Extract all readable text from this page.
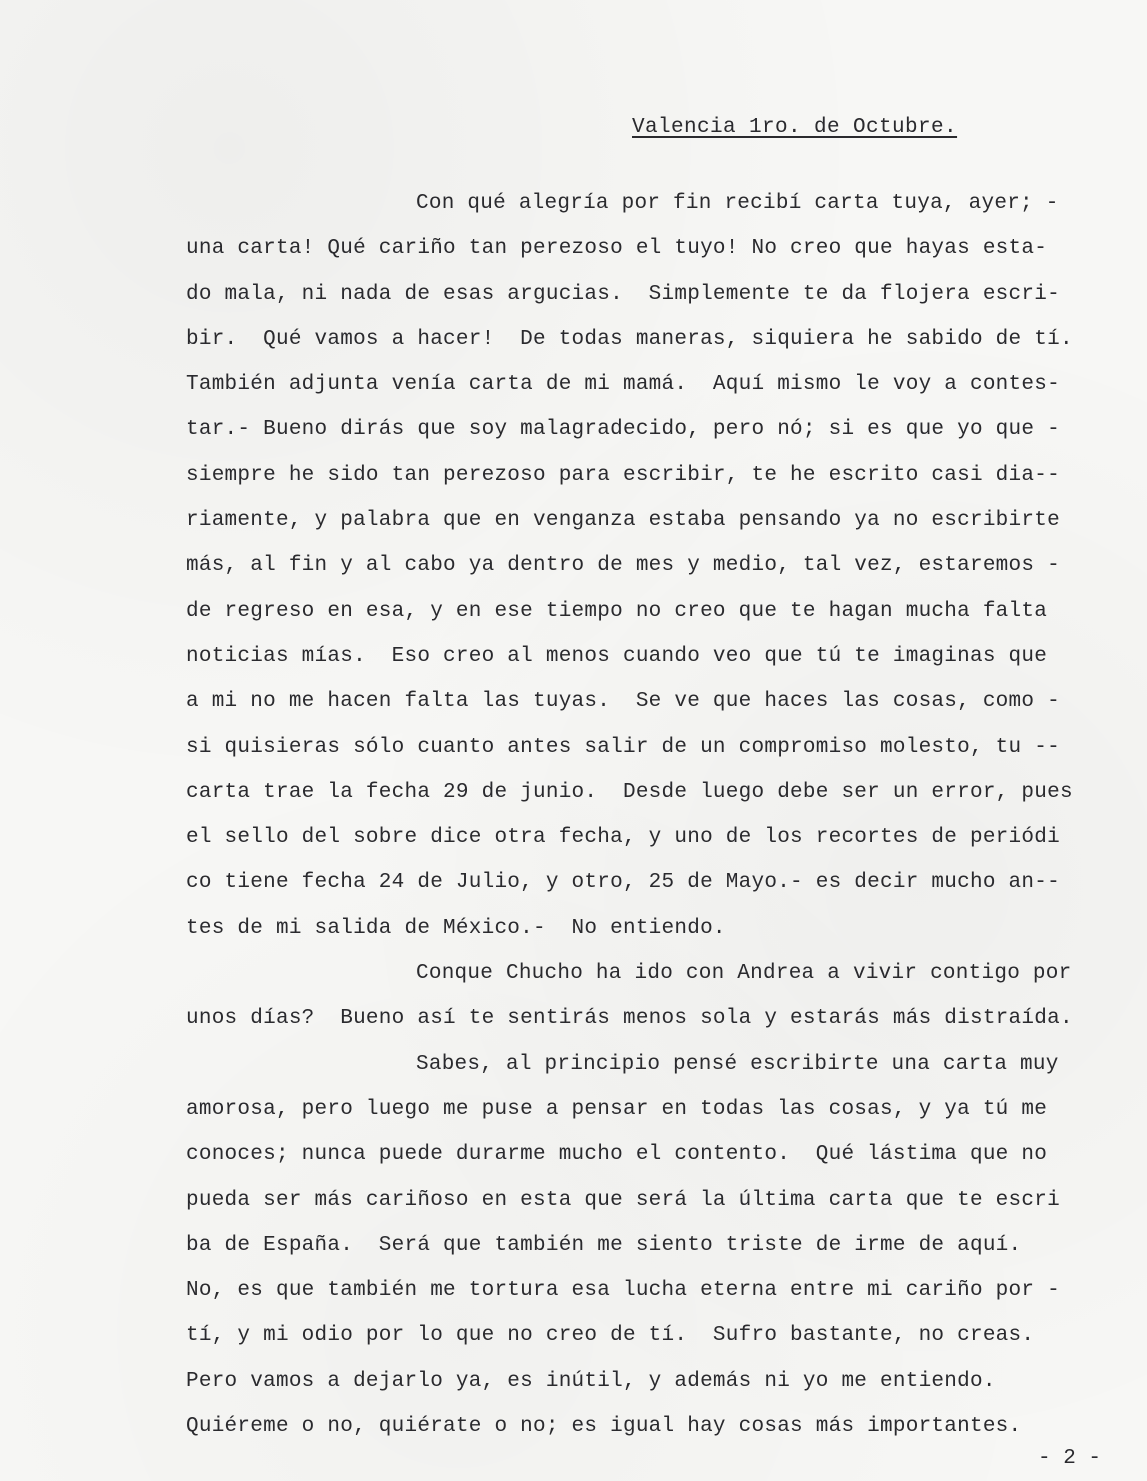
Valencia 1ro. de Octubre.
Con qué alegría por fin recibí carta tuya, ayer; -
una carta! Qué cariño tan perezoso el tuyo! No creo que hayas esta-
do mala, ni nada de esas argucias.  Simplemente te da flojera escri-
bir.  Qué vamos a hacer!  De todas maneras, siquiera he sabido de tí.
También adjunta venía carta de mi mamá.  Aquí mismo le voy a contes-
tar.- Bueno dirás que soy malagradecido, pero nó; si es que yo que -
siempre he sido tan perezoso para escribir, te he escrito casi dia--
riamente, y palabra que en venganza estaba pensando ya no escribirte
más, al fin y al cabo ya dentro de mes y medio, tal vez, estaremos -
de regreso en esa, y en ese tiempo no creo que te hagan mucha falta
noticias mías.  Eso creo al menos cuando veo que tú te imaginas que
a mi no me hacen falta las tuyas.  Se ve que haces las cosas, como -
si quisieras sólo cuanto antes salir de un compromiso molesto, tu --
carta trae la fecha 29 de junio.  Desde luego debe ser un error, pues
el sello del sobre dice otra fecha, y uno de los recortes de periódi
co tiene fecha 24 de Julio, y otro, 25 de Mayo.- es decir mucho an--
tes de mi salida de México.-  No entiendo.
Conque Chucho ha ido con Andrea a vivir contigo por
unos días?  Bueno así te sentirás menos sola y estarás más distraída.
Sabes, al principio pensé escribirte una carta muy
amorosa, pero luego me puse a pensar en todas las cosas, y ya tú me
conoces; nunca puede durarme mucho el contento.  Qué lástima que no
pueda ser más cariñoso en esta que será la última carta que te escri
ba de España.  Será que también me siento triste de irme de aquí.
No, es que también me tortura esa lucha eterna entre mi cariño por -
tí, y mi odio por lo que no creo de tí.  Sufro bastante, no creas.
Pero vamos a dejarlo ya, es inútil, y además ni yo me entiendo.
Quiéreme o no, quiérate o no; es igual hay cosas más importantes.
- 2 -
